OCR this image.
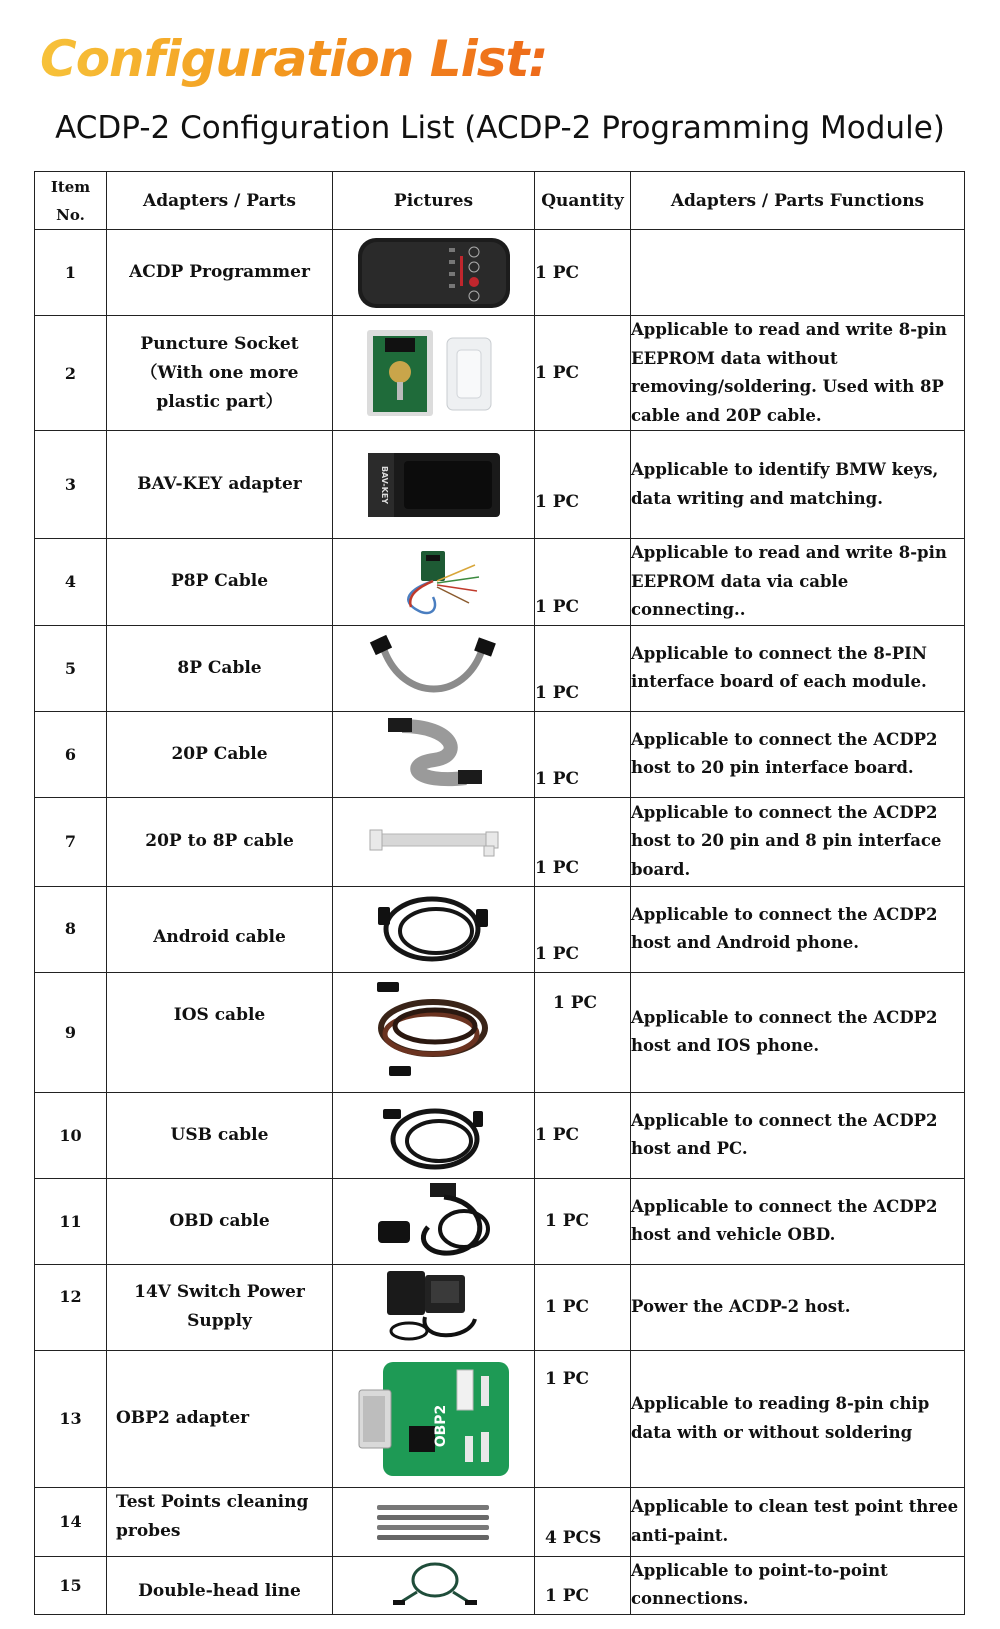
Configuration List:
ACDP-2 Configuration List (ACDP-2 Programming Module)
Item
No.	Adapters / Parts	Pictures	Quantity	Adapters / Parts Functions
1	ACDP Programmer		1 PC	
2	Puncture Socket （With one more plastic part）		1 PC	Applicable to read and write 8-pin EEPROM data without removing/soldering. Used with 8P cable and 20P cable.
3	BAV-KEY adapter	BAV-KEY	1 PC	Applicable to identify BMW keys, data writing and matching.
4	P8P Cable		1 PC	Applicable to read and write 8-pin EEPROM data via cable connecting..
5	8P Cable		1 PC	Applicable to connect the 8-PIN interface board of each module.
6	20P Cable		1 PC	Applicable to connect the ACDP2 host to 20 pin interface board.
7	20P to 8P cable		1 PC	Applicable to connect the ACDP2 host to 20 pin and 8 pin interface board.
8	Android cable		1 PC	Applicable to connect the ACDP2 host and Android phone.
9	IOS cable		1 PC	Applicable to connect the ACDP2 host and IOS phone.
10	USB cable		1 PC	Applicable to connect the ACDP2 host and PC.
11	OBD cable		1 PC	Applicable to connect the ACDP2 host and vehicle OBD.
12	14V Switch Power Supply		1 PC	Power the ACDP-2 host.
13	OBP2 adapter	OBP2	1 PC	Applicable to reading 8-pin chip data with or without soldering
14	Test Points cleaning probes		4 PCS	Applicable to clean test point three anti-paint.
15	Double-head line		1 PC	Applicable to point-to-point connections.
